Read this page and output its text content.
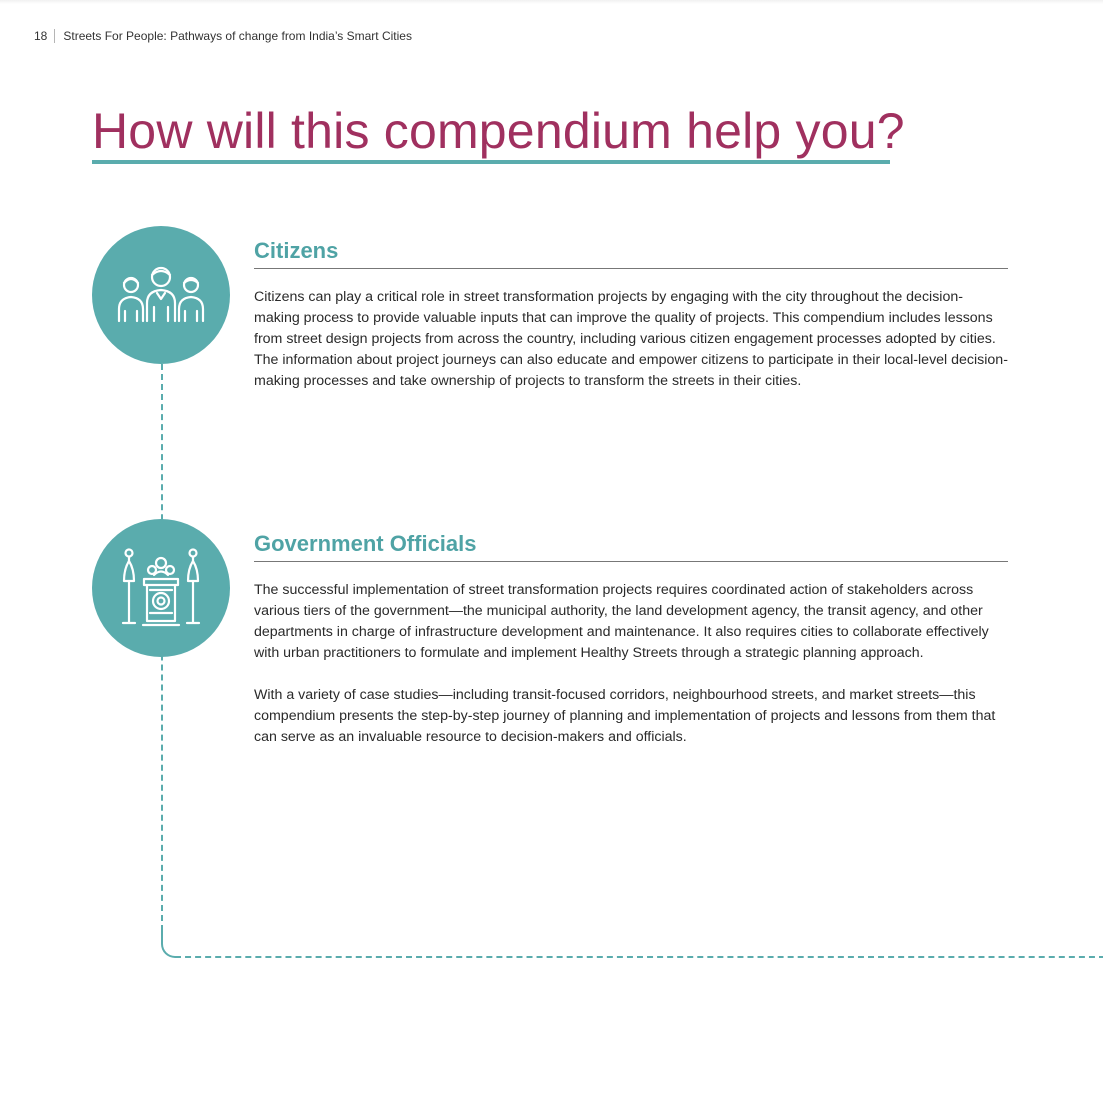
18 Streets For People: Pathways of change from India’s Smart Cities
How will this compendium help you?
Citizens

Citizens can play a critical role in street transformation projects by engaging with the city throughout the decision-making process to provide valuable inputs that can improve the quality of projects. This compendium includes lessons from street design projects from across the country, including various citizen engagement processes adopted by cities. The information about project journeys can also educate and empower citizens to participate in their local-level decision-making processes and take ownership of projects to transform the streets in their cities.

Government Officials

The successful implementation of street transformation projects requires coordinated action of stakeholders across various tiers of the government—the municipal authority, the land development agency, the transit agency, and other departments in charge of infrastructure development and maintenance. It also requires cities to collaborate effectively with urban practitioners to formulate and implement Healthy Streets through a strategic planning approach.

With a variety of case studies—including transit-focused corridors, neighbourhood streets, and market streets—this compendium presents the step-by-step journey of planning and implementation of projects and lessons from them that can serve as an invaluable resource to decision-makers and officials.
